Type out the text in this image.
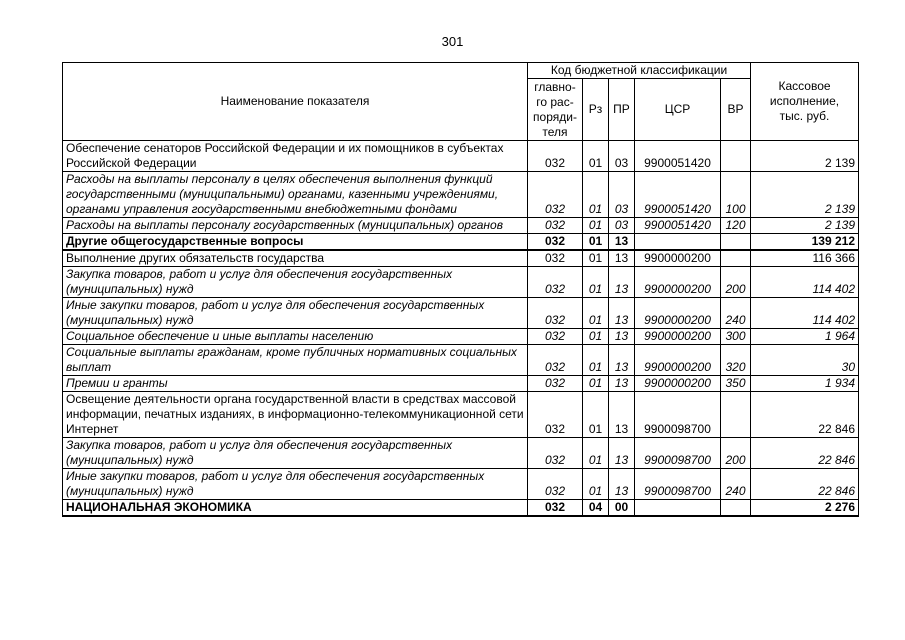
301
Наименование показателя	Код бюджетной классификации					Кассовое исполнение, тыс. руб.
	главно-го рас-поряди-теля	Рз	ПР	ЦСР	ВР	
Обеспечение сенаторов Российской Федерации и их помощников в субъектах Российской Федерации	032	01	03	9900051420		2 139
Расходы на выплаты персоналу в целях обеспечения выполнения функций государственными (муниципальными) органами, казенными учреждениями, органами управления государственными внебюджетными фондами	032	01	03	9900051420	100	2 139
Расходы на выплаты персоналу государственных (муниципальных) органов	032	01	03	9900051420	120	2 139
Другие общегосударственные вопросы	032	01	13			139 212
Выполнение других обязательств государства	032	01	13	9900000200		116 366
Закупка товаров, работ и услуг для обеспечения государственных (муниципальных) нужд	032	01	13	9900000200	200	114 402
Иные закупки товаров, работ и услуг для обеспечения государственных (муниципальных) нужд	032	01	13	9900000200	240	114 402
Социальное обеспечение и иные выплаты населению	032	01	13	9900000200	300	1 964
Социальные выплаты гражданам, кроме публичных нормативных социальных выплат	032	01	13	9900000200	320	30
Премии и гранты	032	01	13	9900000200	350	1 934
Освещение деятельности органа государственной власти в средствах массовой информации, печатных изданиях, в информационно-телекоммуникационной сети Интернет	032	01	13	9900098700		22 846
Закупка товаров, работ и услуг для обеспечения государственных (муниципальных) нужд	032	01	13	9900098700	200	22 846
Иные закупки товаров, работ и услуг для обеспечения государственных (муниципальных) нужд	032	01	13	9900098700	240	22 846
НАЦИОНАЛЬНАЯ ЭКОНОМИКА	032	04	00			2 276
